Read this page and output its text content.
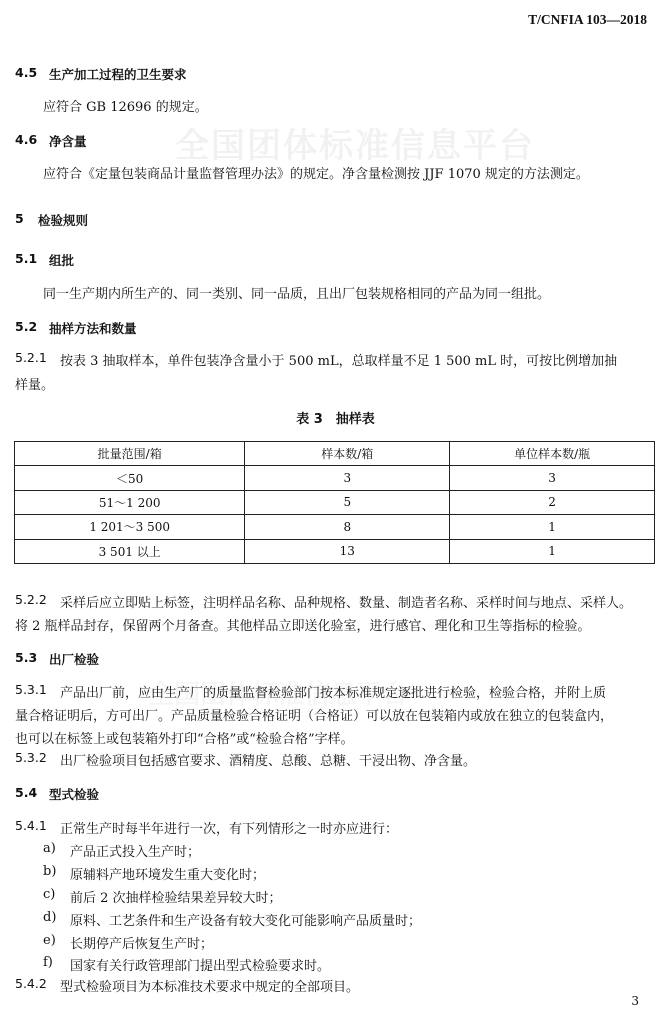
T/CNFIA 103—2018
全国团体标准信息平台
4.5 生产加工过程的卫生要求
应符合 GB 12696 的规定。
4.6 净含量
应符合《定量包装商品计量监督管理办法》的规定。净含量检测按 JJF 1070 规定的方法测定。
5 检验规则
5.1 组批
同一生产期内所生产的、同一类别、同一品质，且出厂包装规格相同的产品为同一组批。
5.2 抽样方法和数量
5.2.1 按表 3 抽取样本，单件包装净含量小于 500 mL，总取样量不足 1 500 mL 时，可按比例增加抽
样量。
表 3　抽样表
批量范围/箱	样本数/箱	单位样本数/瓶
＜50	3	3
51～1 200	5	2
1 201～3 500	8	1
3 501 以上	13	1
5.2.2 采样后应立即贴上标签，注明样品名称、品种规格、数量、制造者名称、采样时间与地点、采样人。
将 2 瓶样品封存，保留两个月备查。其他样品立即送化验室，进行感官、理化和卫生等指标的检验。
5.3 出厂检验
5.3.1 产品出厂前，应由生产厂的质量监督检验部门按本标准规定逐批进行检验，检验合格，并附上质
量合格证明后，方可出厂。产品质量检验合格证明（合格证）可以放在包装箱内或放在独立的包装盒内，
也可以在标签上或包装箱外打印“合格”或“检验合格”字样。
5.3.2 出厂检验项目包括感官要求、酒精度、总酸、总糖、干浸出物、净含量。
5.4 型式检验
5.4.1 正常生产时每半年进行一次，有下列情形之一时亦应进行：
a) 产品正式投入生产时；
b) 原辅料产地环境发生重大变化时；
c) 前后 2 次抽样检验结果差异较大时；
d) 原料、工艺条件和生产设备有较大变化可能影响产品质量时；
e) 长期停产后恢复生产时；
f) 国家有关行政管理部门提出型式检验要求时。
5.4.2 型式检验项目为本标准技术要求中规定的全部项目。
3
